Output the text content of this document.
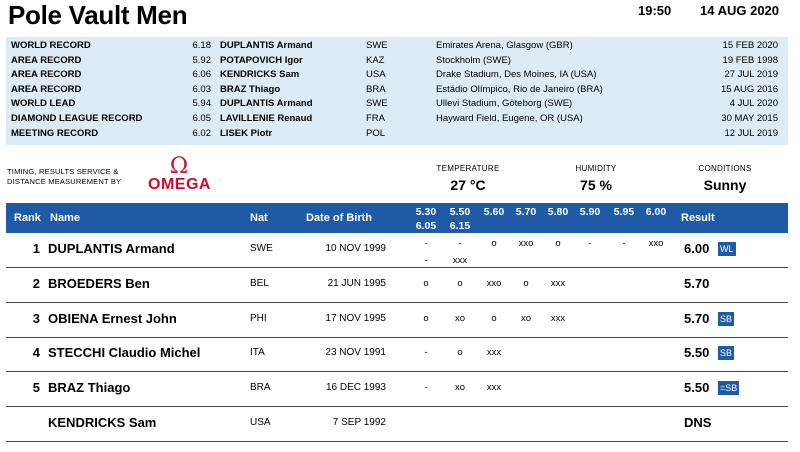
Pole Vault Men	19:50 14 AUG 2020
WORLD RECORD	6.18 DUPLANTIS Armand	SWE	Emirates Arena, Glasgow (GBR)	15 FEB 2020
AREA RECORD	5.92 POTAPOVICH Igor	KAZ	Stockholm (SWE)	19 FEB 1998
AREA RECORD	6.06 KENDRICKS Sam	USA	Drake Stadium, Des Moines, IA (USA)	27 JUL 2019
AREA RECORD	6.03 BRAZ Thiago	BRA	Estádio Olímpico, Rio de Janeiro (BRA)	15 AUG 2016
WORLD LEAD	5.94 DUPLANTIS Armand	SWE	Ullevi Stadium, Göteborg (SWE)	4 JUL 2020
DIAMOND LEAGUE RECORD	6.05 LAVILLENIE Renaud	FRA	Hayward Field, Eugene, OR (USA)	30 MAY 2015
MEETING RECORD	6.02 LISEK Piotr	POL	12 JUL 2019
TIMING, RESULTS SERVICE &
DISTANCE MEASUREMENT BY
Ω
OMEGA
TEMPERATURE
27 °C
HUMIDITY
75 %
CONDITIONS
Sunny
Rank Name	Nat	Date of Birth	Result
5.30	5.50	5.60	5.70	5.80	5.90	5.95	6.00
6.05	6.15
1 DUPLANTIS Armand	SWE	10 NOV 1999	6.00
-	-	o	xxo	o	-	-	xxo
-	xxx
WL
2 BROEDERS Ben	BEL	21 JUN 1995	5.70
o	o	xxo	o	xxx
3 OBIENA Ernest John	PHI	17 NOV 1995	5.70
o	xo	o	xo	xxx	SB
4 STECCHI Claudio Michel	ITA	23 NOV 1991	5.50
-	o	xxx	SB
5 BRAZ Thiago	BRA	16 DEC 1993	5.50
-	xo	xxx	=SB
KENDRICKS Sam	USA	7 SEP 1992	DNS
